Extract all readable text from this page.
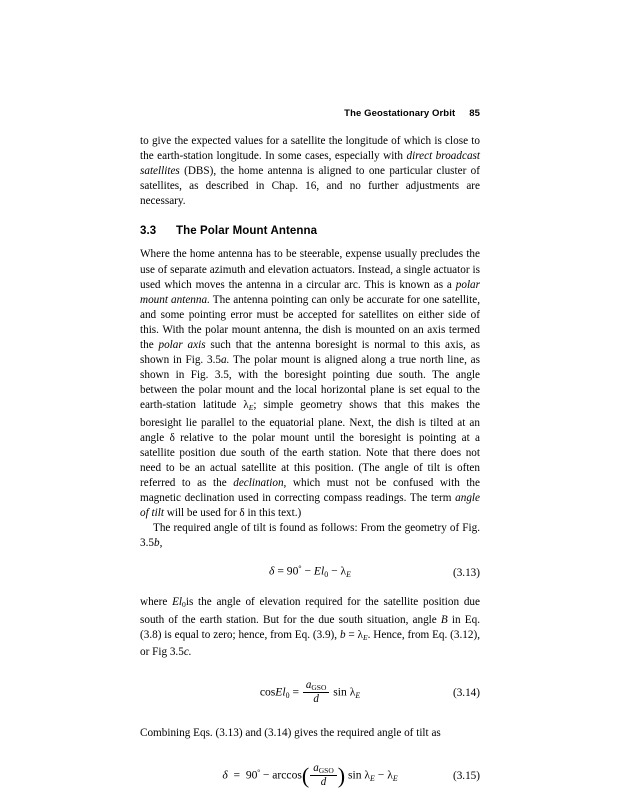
The Geostationary Orbit 85

to give the expected values for a satellite the longitude of which is close to the earth-station longitude. In some cases, especially with direct broadcast satellites (DBS), the home antenna is aligned to one particular cluster of satellites, as described in Chap. 16, and no further adjustments are necessary.

3.3 The Polar Mount Antenna

Where the home antenna has to be steerable, expense usually precludes the use of separate azimuth and elevation actuators. Instead, a single actuator is used which moves the antenna in a circular arc. This is known as a polar mount antenna. The antenna pointing can only be accurate for one satellite, and some pointing error must be accepted for satellites on either side of this. With the polar mount antenna, the dish is mounted on an axis termed the polar axis such that the antenna boresight is normal to this axis, as shown in Fig. 3.5a. The polar mount is aligned along a true north line, as shown in Fig. 3.5, with the boresight pointing due south. The angle between the polar mount and the local horizontal plane is set equal to the earth-station latitude $\lambda_E$; simple geometry shows that this makes the boresight lie parallel to the equatorial plane. Next, the dish is tilted at an angle δ relative to the polar mount until the boresight is pointing at a satellite position due south of the earth station. Note that there does not need to be an actual satellite at this position. (The angle of tilt is often referred to as the declination, which must not be confused with the magnetic declination used in correcting compass readings. The term angle of tilt will be used for δ in this text.)

The required angle of tilt is found as follows: From the geometry of Fig. 3.5b,

$\delta = 90^\circ - El_0 - \lambda_E$	(3.13)

where $El_0is$ the angle of elevation required for the satellite position due south of the earth station. But for the due south situation, angle B in Eq. (3.8) is equal to zero; hence, from Eq. (3.9), $b = \lambda_E$. Hence, from Eq. (3.12), or Fig 3.5c.

cosEl$_0$ = $\frac{a_{GSO}}{d}$ $\sin \lambda_E$	(3.14)

Combining Eqs. (3.13) and (3.14) gives the required angle of tilt as

$\delta = 90^º - \arccos( \frac{a_{GSO}}{d}$ ) $\sin \lambda_E - \lambda_E$	(3.15)
